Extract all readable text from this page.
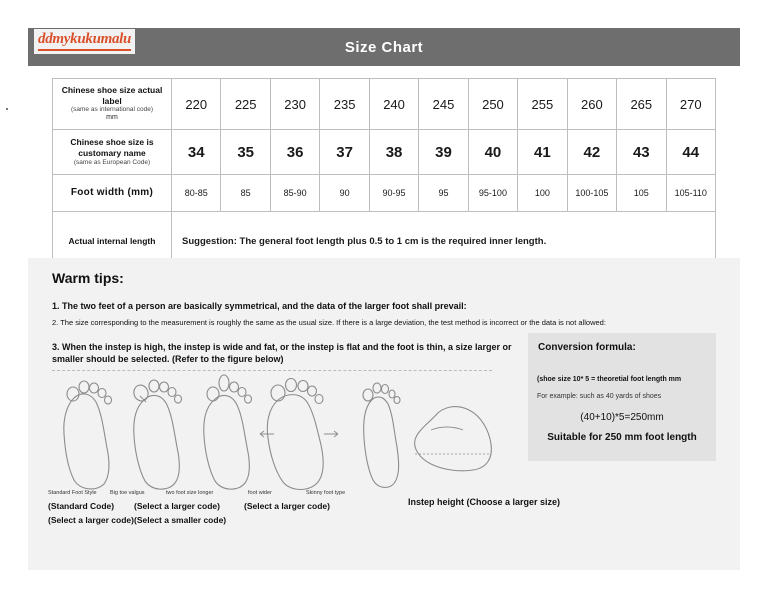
Size Chart
ddmykukumalu
Chinese shoe size actual label
(same as international code)
mm	220	225	230	235	240	245	250	255	260	265	270
Chinese shoe size is customary name
(same as European Code)	34	35	36	37	38	39	40	41	42	43	44
Foot width (mm)	80-85	85	85-90	90	90-95	95	95-100	100	100-105	105	105-110
Actual internal length	Suggestion: The general foot length plus 0.5 to 1 cm is the required inner length.										
Warm tips:
1. The two feet of a person are basically symmetrical, and the data of the larger foot shall prevail:
2. The size corresponding to the measurement is roughly the same as the usual size. If there is a large deviation, the test method is incorrect or the data is not allowed:
3. When the instep is high, the instep is wide and fat, or the instep is flat and the foot is thin, a size larger or smaller should be selected. (Refer to the figure below)
Conversion formula:
(shoe size 10* 5 = theoretial foot length mm
For example: such as 40 yards of shoes
(40+10)*5=250mm
Suitable for 250 mm foot length
Standard Foot Style Big toe valgus	two foot size longer	foot wider	Skinny foot type
(Standard Code) (Select a larger code)	(Select a larger code)
(Select a larger code) (Select a smaller code)
Instep height (Choose a larger size)
